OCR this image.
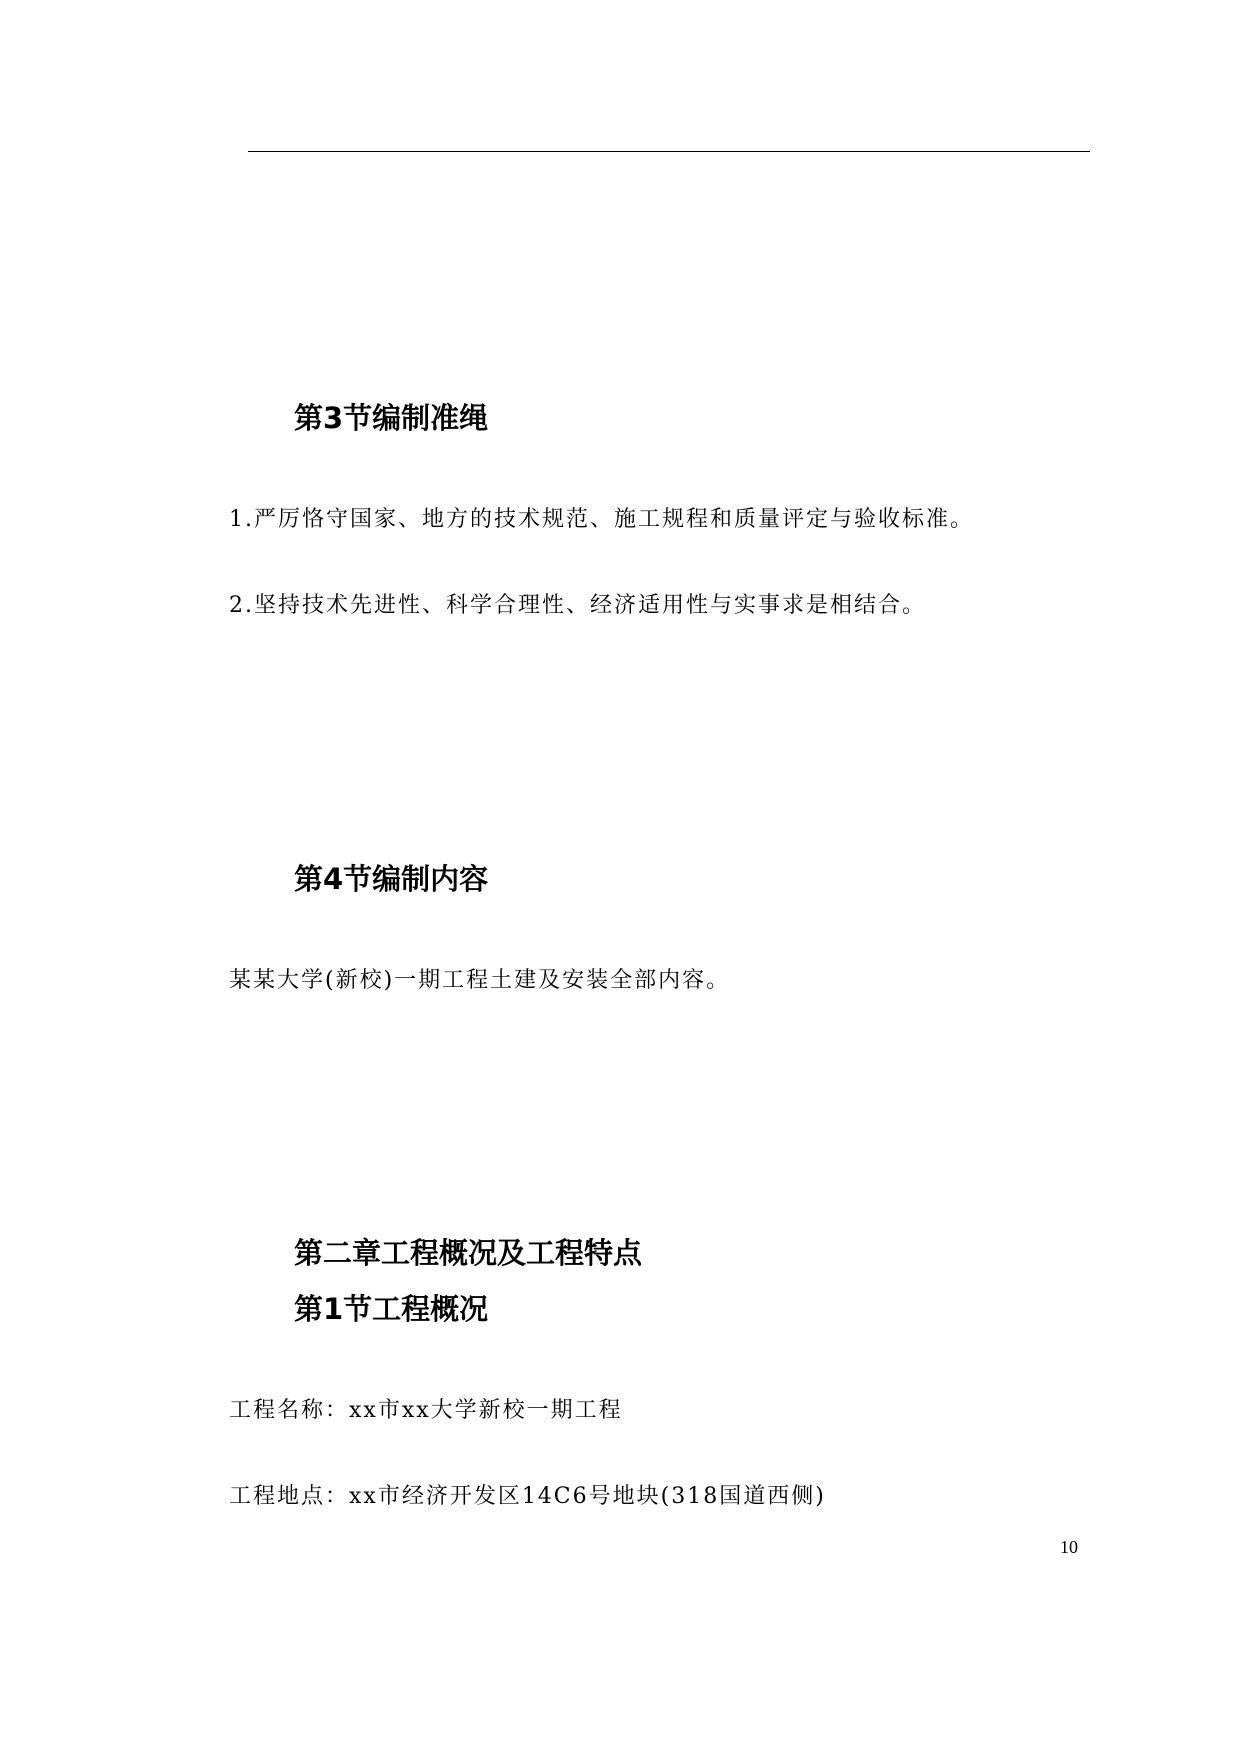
第3节编制准绳
1.严厉恪守国家、地方的技术规范、施工规程和质量评定与验收标准。
2.坚持技术先进性、科学合理性、经济适用性与实事求是相结合。
第4节编制内容
某某大学(新校)一期工程土建及安装全部内容。
第二章工程概况及工程特点
第1节工程概况
工程名称：xx市xx大学新校一期工程
工程地点：xx市经济开发区14C6号地块(318国道西侧)
10
